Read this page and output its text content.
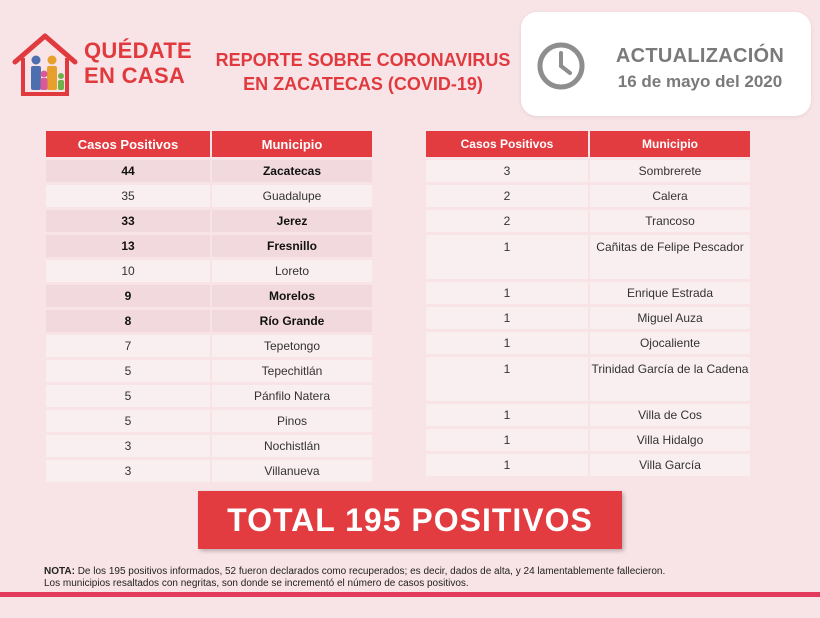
QUÉDATE
EN CASA
REPORTE SOBRE CORONAVIRUS
EN ZACATECAS (COVID-19)
ACTUALIZACIÓN
16 de mayo del 2020
Casos Positivos	Municipio
44	Zacatecas
35	Guadalupe
33	Jerez
13	Fresnillo
10	Loreto
9	Morelos
8	Río Grande
7	Tepetongo
5	Tepechitlán
5	Pánfilo Natera
5	Pinos
3	Nochistlán
3	Villanueva
Casos Positivos	Municipio
3	Sombrerete
2	Calera
2	Trancoso
1	Cañitas de Felipe Pescador
1	Enrique Estrada
1	Miguel Auza
1	Ojocaliente
1	Trinidad García de la Cadena
1	Villa de Cos
1	Villa Hidalgo
1	Villa García
TOTAL 195 POSITIVOS
NOTA: De los 195 positivos informados, 52 fueron declarados como recuperados; es decir, dados de alta, y 24 lamentablemente fallecieron.
Los municipios resaltados con negritas, son donde se incrementó el número de casos positivos.
